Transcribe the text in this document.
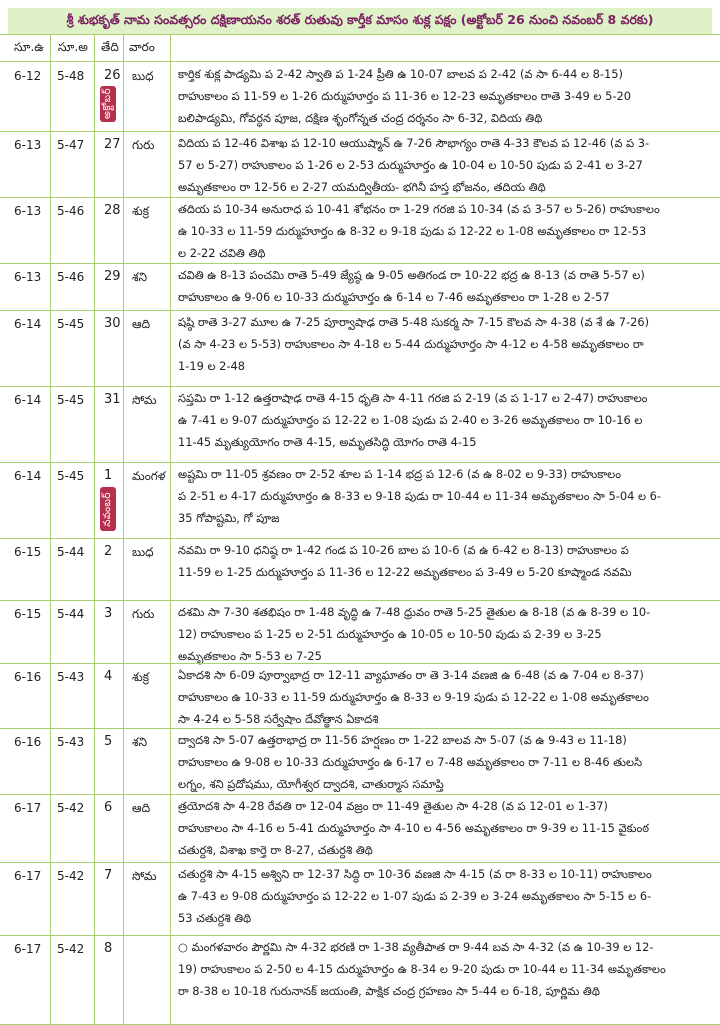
శ్రీ శుభకృత్ నామ సంవత్సరం దక్షిణాయనం శరత్ రుతువు కార్తీక మాసం శుక్ల పక్షం (అక్టోబర్ 26 నుంచి నవంబర్ 8 వరకు)
సూ.ఉ సూ.అ తేది వారం
6-12 5-48 26 బుధ కార్తిక శుక్ల పాడ్యమి ప 2-42 స్వాతి ప 1-24 ప్రీతి ఉ 10-07 బాలవ ప 2-42 (వ సా 6-44 ల 8-15)
రాహుకాలం ప 11-59 ల 1-26 దుర్ముహూర్తం ప 11-36 ల 12-23 అమృతకాలం రాతె 3-49 ల 5-20
బలిపాడ్యమి, గోవర్ధన పూజ, దక్షిణ శృంగోన్నత చంద్ర దర్శనం సా 6-32, విదియ తిథి
6-13 5-47 27 గురు విదియ ప 12-46 విశాఖ ప 12-10 ఆయుష్మాన్ ఉ 7-26 సౌభాగ్యం రాతె 4-33 కౌలవ ప 12-46 (వ ప 3-
57 ల 5-27) రాహుకాలం ప 1-26 ల 2-53 దుర్ముహూర్తం ఉ 10-04 ల 10-50 పుడు ప 2-41 ల 3-27
అమృతకాలం రా 12-56 ల 2-27 యమద్వితీయ- భగినీ హస్త భోజనం, తదియ తిథి
6-13 5-46 28 శుక్ర	తదియ ప 10-34 అనురాధ ప 10-41 శోభనం రా 1-29 గరజి ప 10-34 (వ ప 3-57 ల 5-26) రాహుకాలం
ఉ 10-33 ల 11-59 దుర్ముహూర్తం ఉ 8-32 ల 9-18 పుడు ప 12-22 ల 1-08 అమృతకాలం రా 12-53
ల 2-22 చవితి తిథి
6-13 5-46 29 శని	చవితి ఉ 8-13 పంచమి రాతె 5-49 జ్యేష్ఠ ఉ 9-05 అతిగండ రా 10-22 భద్ర ఉ 8-13 (వ రాతె 5-57 ల)
రాహుకాలం ఉ 9-06 ల 10-33 దుర్ముహూర్తం ఉ 6-14 ల 7-46 అమృతకాలం రా 1-28 ల 2-57
6-14 5-45 30 ఆది షష్ఠి రాతె 3-27 మూల ఉ 7-25 పూర్వాషాఢ రాతె 5-48 సుకర్మ సా 7-15 కౌలవ సా 4-38 (వ శే ఉ 7-26)
(వ సా 4-23 ల 5-53) రాహుకాలం సా 4-18 ల 5-44 దుర్ముహూర్తం సా 4-12 ల 4-58 అమృతకాలం రా
1-19 ల 2-48
6-14 5-45 31 సోమ సప్తమి రా 1-12 ఉత్తరాషాఢ రాతె 4-15 ధృతి సా 4-11 గరజి ప 2-19 (వ ప 1-17 ల 2-47) రాహుకాలం
ఉ 7-41 ల 9-07 దుర్ముహూర్తం ప 12-22 ల 1-08 పుడు ప 2-40 ల 3-26 అమృతకాలం రా 10-16 ల
11-45 మృత్యుయోగం రాతె 4-15, అమృతసిద్ధి యోగం రాతె 4-15
6-14 5-45 1 మంగళ అష్టమి రా 11-05 శ్రవణం రా 2-52 శూల ప 1-14 భద్ర ప 12-6 (వ ఉ 8-02 ల 9-33) రాహుకాలం
ప 2-51 ల 4-17 దుర్ముహూర్తం ఉ 8-33 ల 9-18 పుడు రా 10-44 ల 11-34 అమృతకాలం సా 5-04 ల 6-
35 గోపాష్టమి, గో పూజ
6-15 5-44 2 బుధ నవమి రా 9-10 ధనిష్ఠ రా 1-42 గండ ప 10-26 బాల ప 10-6 (వ ఉ 6-42 ల 8-13) రాహుకాలం ప
11-59 ల 1-25 దుర్ముహూర్తం ప 11-36 ల 12-22 అమృతకాలం ప 3-49 ల 5-20 కూష్మాండ నవమి
6-15 5-44 3 గురు దశమి సా 7-30 శతభిషం రా 1-48 వృద్ధి ఉ 7-48 ధ్రువం రాతె 5-25 తైతుల ఉ 8-18 (వ ఉ 8-39 ల 10-
12) రాహుకాలం ప 1-25 ల 2-51 దుర్ముహూర్తం ఉ 10-05 ల 10-50 పుడు ప 2-39 ల 3-25
అమృతకాలం సా 5-53 ల 7-25
6-16 5-43 4 శుక్ర	ఏకాదశి సా 6-09 పూర్వాభాద్ర రా 12-11 వ్యాఘాతం రా తె 3-14 వణజి ఉ 6-48 (వ ఉ 7-04 ల 8-37)
రాహుకాలం ఉ 10-33 ల 11-59 దుర్ముహూర్తం ఉ 8-33 ల 9-19 పుడు ప 12-22 ల 1-08 అమృతకాలం
సా 4-24 ల 5-58 సర్వేషాం దేవోత్థాన ఏకాదశి
6-16 5-43 5 శని	ద్వాదశి సా 5-07 ఉత్తరాభాద్ర రా 11-56 హర్షణం రా 1-22 బాలవ సా 5-07 (వ ఉ 9-43 ల 11-18)
రాహుకాలం ఉ 9-08 ల 10-33 దుర్ముహూర్తం ఉ 6-17 ల 7-48 అమృతకాలం రా 7-11 ల 8-46 తులసి
లగ్నం, శని ప్రదోషము, యోగీశ్వర ద్వాదశి, చాతుర్మాస సమాప్తి
6-17 5-42 6 ఆది త్రయోదశి సా 4-28 రేవతి రా 12-04 వజ్రం రా 11-49 తైతుల సా 4-28 (వ ప 12-01 ల 1-37)
రాహుకాలం సా 4-16 ల 5-41 దుర్ముహూర్తం సా 4-10 ల 4-56 అమృతకాలం రా 9-39 ల 11-15 వైకుంఠ
చతుర్దశి, విశాఖ కార్తె రా 8-27, చతుర్దశి తిథి
6-17 5-42 7 సోమ చతుర్దశి సా 4-15 అశ్విని రా 12-37 సిద్ధి రా 10-36 వణజి సా 4-15 (వ రా 8-33 ల 10-11) రాహుకాలం
ఉ 7-43 ల 9-08 దుర్ముహూర్తం ప 12-22 ల 1-07 పుడు ప 2-39 ల 3-24 అమృతకాలం సా 5-15 ల 6-
53 చతుర్దశి తిథి
6-17 5-42 8	○ మంగళవారం పౌర్ణమి సా 4-32 భరణి రా 1-38 వ్యతీపాత రా 9-44 బవ సా 4-32 (వ ఉ 10-39 ల 12-
19) రాహుకాలం ప 2-50 ల 4-15 దుర్ముహూర్తం ఉ 8-34 ల 9-20 పుడు రా 10-44 ల 11-34 అమృతకాలం
రా 8-38 ల 10-18 గురునానక్ జయంతి, పాక్షిక చంద్ర గ్రహణం సా 5-44 ల 6-18, పూర్ణిమ తిథి
అక్టోబర్
నవంబర్
